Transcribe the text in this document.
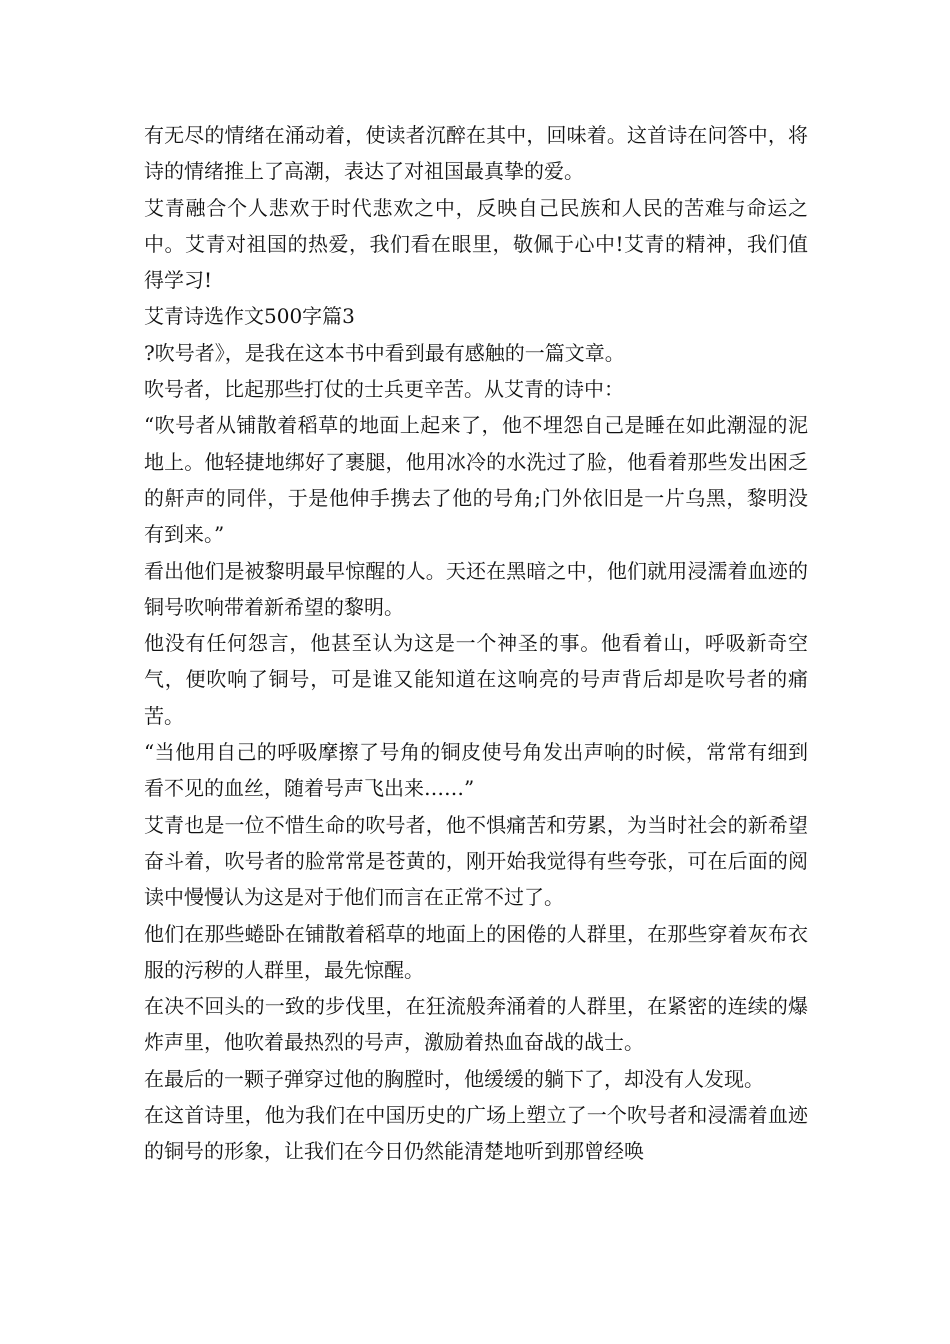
有无尽的情绪在涌动着，使读者沉醉在其中，回味着。这首诗在问答中，将诗的情绪推上了高潮，表达了对祖国最真挚的爱。

艾青融合个人悲欢于时代悲欢之中，反映自己民族和人民的苦难与命运之中。艾青对祖国的热爱，我们看在眼里，敬佩于心中!艾青的精神，我们值得学习!

艾青诗选作文500字篇3

?吹号者》，是我在这本书中看到最有感触的一篇文章。

吹号者，比起那些打仗的士兵更辛苦。从艾青的诗中：

“吹号者从铺散着稻草的地面上起来了，他不埋怨自己是睡在如此潮湿的泥地上。他轻捷地绑好了裹腿，他用冰冷的水洗过了脸，他看着那些发出困乏的鼾声的同伴，于是他伸手携去了他的号角;门外依旧是一片乌黑，黎明没有到来。”

看出他们是被黎明最早惊醒的人。天还在黑暗之中，他们就用浸濡着血迹的铜号吹响带着新希望的黎明。

他没有任何怨言，他甚至认为这是一个神圣的事。他看着山，呼吸新奇空气，便吹响了铜号，可是谁又能知道在这响亮的号声背后却是吹号者的痛苦。

“当他用自己的呼吸摩擦了号角的铜皮使号角发出声响的时候，常常有细到看不见的血丝，随着号声飞出来……”

艾青也是一位不惜生命的吹号者，他不惧痛苦和劳累，为当时社会的新希望奋斗着，吹号者的脸常常是苍黄的，刚开始我觉得有些夸张，可在后面的阅读中慢慢认为这是对于他们而言在正常不过了。

他们在那些蜷卧在铺散着稻草的地面上的困倦的人群里，在那些穿着灰布衣服的污秽的人群里，最先惊醒。

在决不回头的一致的步伐里，在狂流般奔涌着的人群里，在紧密的连续的爆炸声里，他吹着最热烈的号声，激励着热血奋战的战士。

在最后的一颗子弹穿过他的胸膛时，他缓缓的躺下了，却没有人发现。

在这首诗里，他为我们在中国历史的广场上塑立了一个吹号者和浸濡着血迹的铜号的形象，让我们在今日仍然能清楚地听到那曾经唤
